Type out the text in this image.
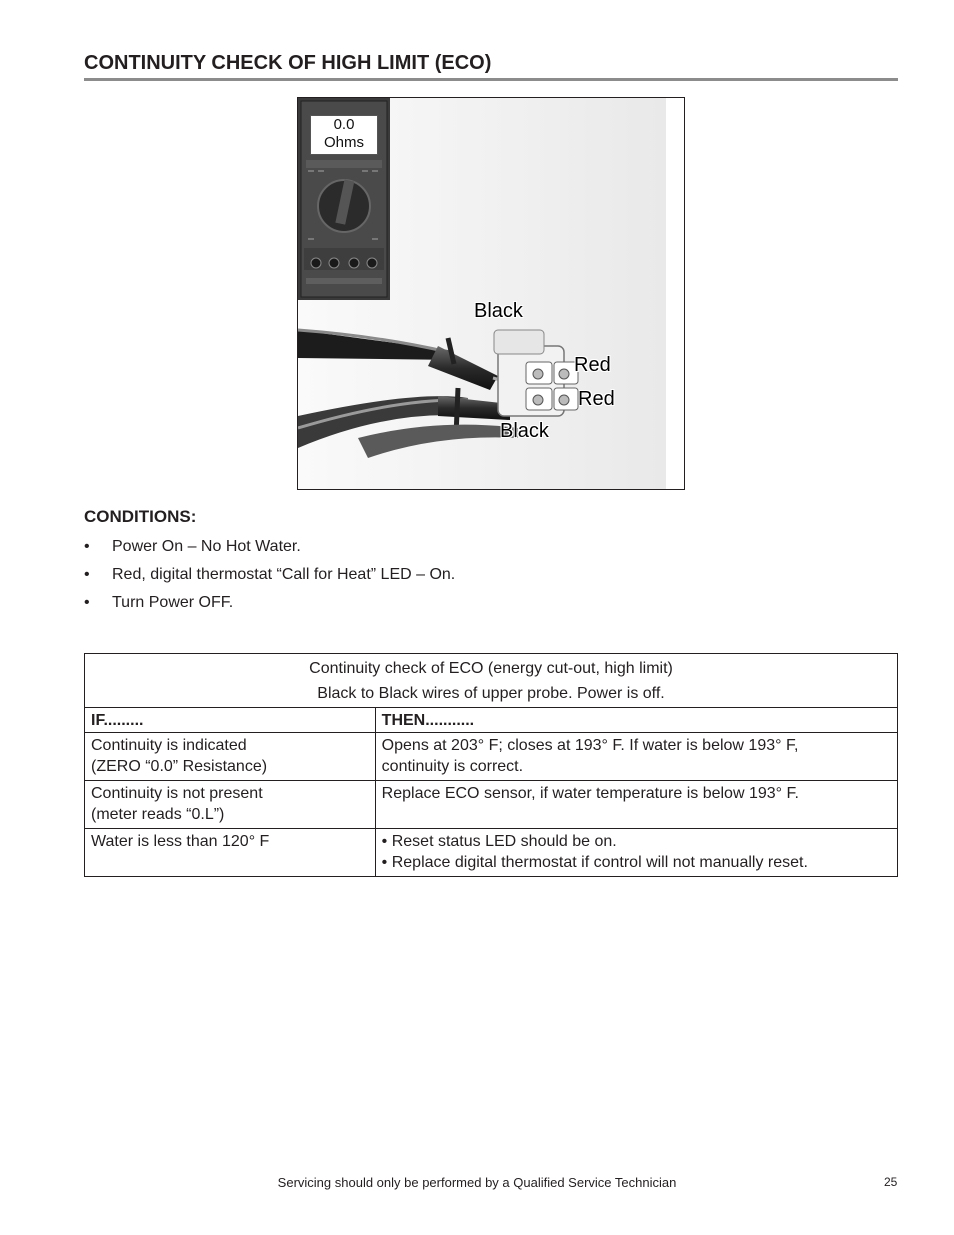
CONTINUITY CHECK OF HIGH LIMIT (ECO)
0.0
Ohms
Black
Red
Red
Black
CONDITIONS:
• Power On – No Hot Water.
• Red, digital thermostat “Call for Heat” LED – On.
• Turn Power OFF.
Continuity check of ECO (energy cut-out, high limit)
Black to Black wires of upper probe. Power is off.	

IF.........	THEN...........

Continuity is indicated
(ZERO “0.0” Resistance)	Opens at 203° F; closes at 193° F. If water is below 193° F,
continuity is correct.

Continuity is not present
(meter reads “0.L”)	Replace ECO sensor, if water temperature is below 193° F.

Water is less than 120° F	• Reset status LED should be on.
• Replace digital thermostat if control will not manually reset.
Servicing should only be performed by a Qualified Service Technician	25
